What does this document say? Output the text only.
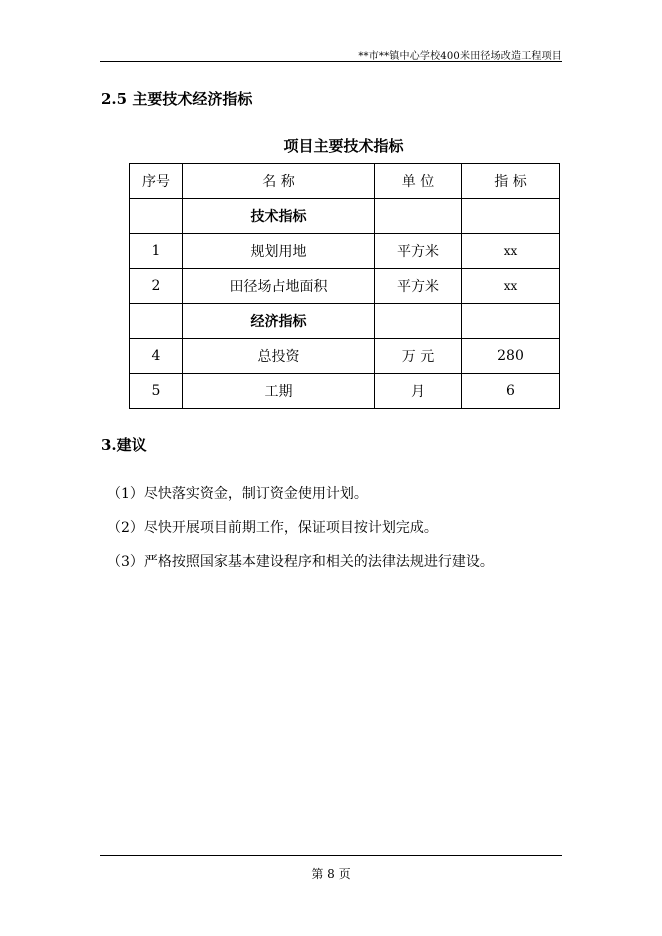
**市**镇中心学校400米田径场改造工程项目
2.5 主要技术经济指标
项目主要技术指标
序号	名 称	单 位	指 标
	技术指标		
1	规划用地	平方米	xx
2	田径场占地面积	平方米	xx
	经济指标		
4	总投资	万 元	280
5	工期	月	6
3.建议
（1）尽快落实资金，制订资金使用计划。
（2）尽快开展项目前期工作，保证项目按计划完成。
（3）严格按照国家基本建设程序和相关的法律法规进行建设。
第 8 页
